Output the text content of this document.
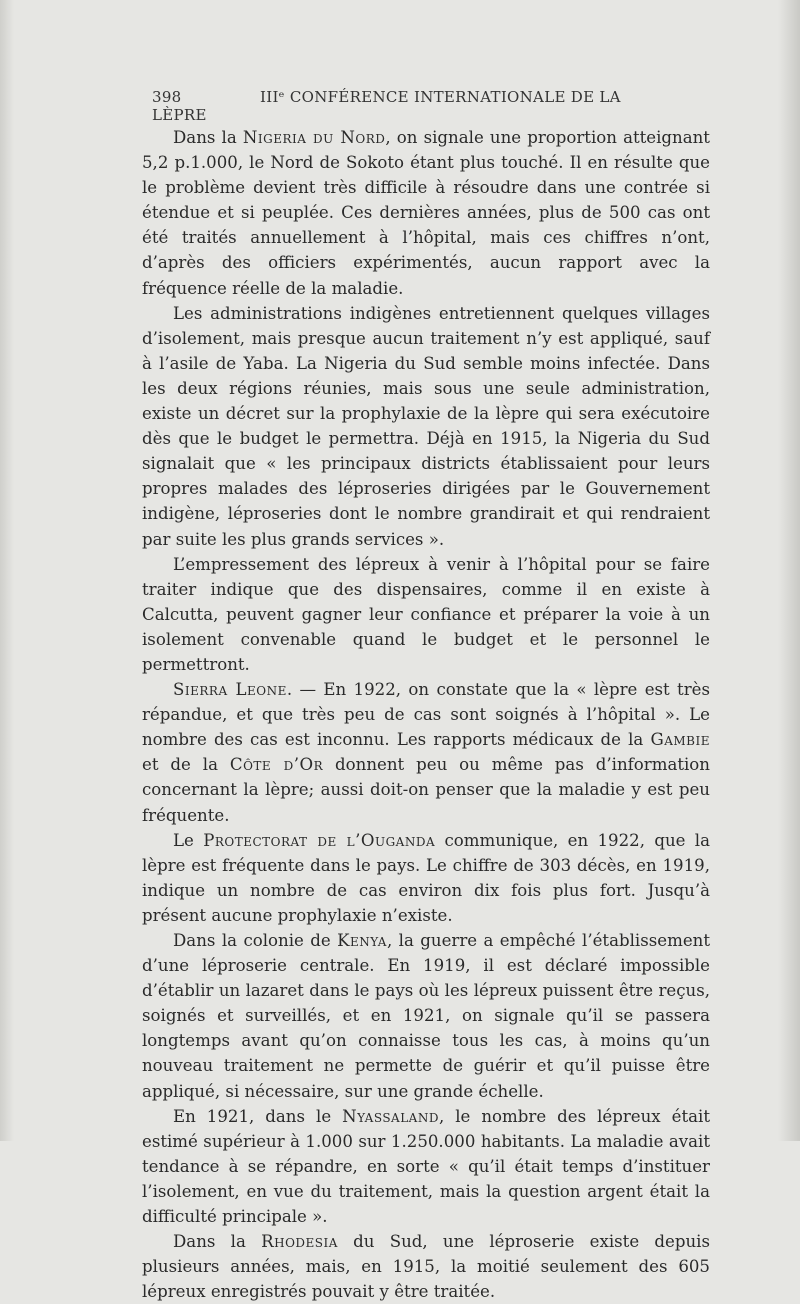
398	IIIᵉ CONFÉRENCE INTERNATIONALE DE LA LÈPRE

Dans la Nigeria du Nord, on signale une proportion atteignant 5,2 p.1.000, le Nord de Sokoto étant plus touché. Il en résulte que le problème devient très difficile à résoudre dans une contrée si étendue et si peuplée. Ces dernières années, plus de 500 cas ont été traités annuellement à l’hôpital, mais ces chiffres n’ont, d’après des officiers expérimentés, aucun rapport avec la fréquence réelle de la maladie.

Les administrations indigènes entretiennent quelques villages d’isolement, mais presque aucun traitement n’y est appliqué, sauf à l’asile de Yaba. La Nigeria du Sud semble moins infectée. Dans les deux régions réunies, mais sous une seule administration, existe un décret sur la prophylaxie de la lèpre qui sera exécutoire dès que le budget le permettra. Déjà en 1915, la Nigeria du Sud signalait que « les principaux districts établissaient pour leurs propres malades des léproseries dirigées par le Gouvernement indigène, léproseries dont le nombre grandirait et qui rendraient par suite les plus grands services ».

L’empressement des lépreux à venir à l’hôpital pour se faire traiter indique que des dispensaires, comme il en existe à Calcutta, peuvent gagner leur confiance et préparer la voie à un isolement convenable quand le budget et le personnel le permettront.

Sierra Leone. — En 1922, on constate que la « lèpre est très répandue, et que très peu de cas sont soignés à l’hôpital ». Le nombre des cas est inconnu. Les rapports médicaux de la Gambie et de la Côte d’Or donnent peu ou même pas d’information concernant la lèpre; aussi doit-on penser que la maladie y est peu fréquente.

Le Protectorat de l’Ouganda communique, en 1922, que la lèpre est fréquente dans le pays. Le chiffre de 303 décès, en 1919, indique un nombre de cas environ dix fois plus fort. Jusqu’à présent aucune prophylaxie n’existe.

Dans la colonie de Kenya, la guerre a empêché l’établissement d’une léproserie centrale. En 1919, il est déclaré impossible d’établir un lazaret dans le pays où les lépreux puissent être reçus, soignés et surveillés, et en 1921, on signale qu’il se passera longtemps avant qu’on connaisse tous les cas, à moins qu’un nouveau traitement ne permette de guérir et qu’il puisse être appliqué, si nécessaire, sur une grande échelle.

En 1921, dans le Nyassaland, le nombre des lépreux était estimé supérieur à 1.000 sur 1.250.000 habitants. La maladie avait tendance à se répandre, en sorte « qu’il était temps d’instituer l’isolement, en vue du traitement, mais la question argent était la difficulté principale ».

Dans la Rhodesia du Sud, une léproserie existe depuis plusieurs années, mais, en 1915, la moitié seulement des 605 lépreux enregistrés pouvait y être traitée.
